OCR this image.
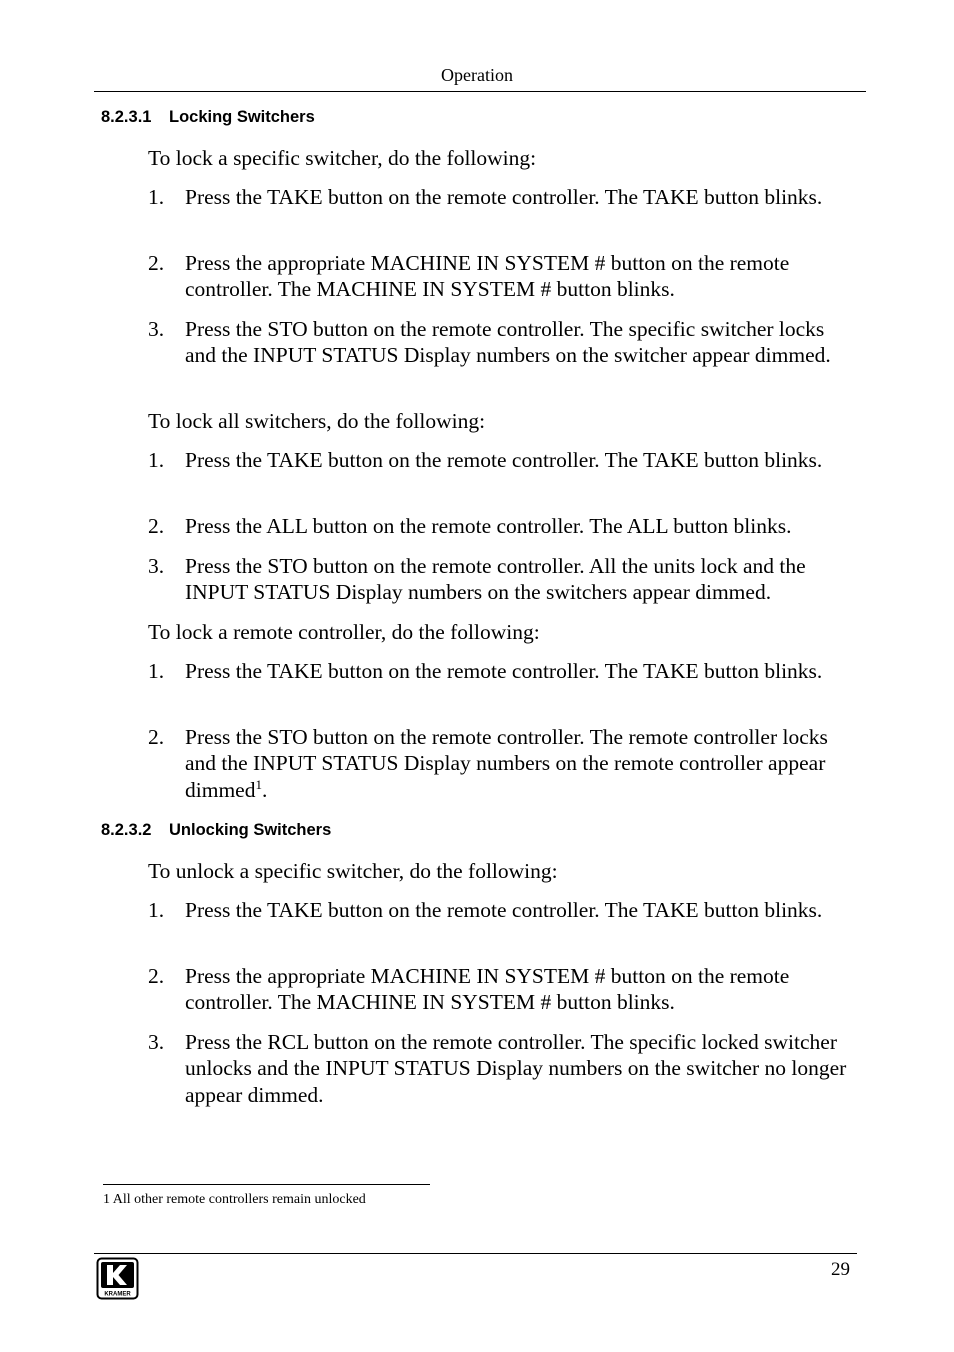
Operation
8.2.3.1 Locking Switchers
To lock a specific switcher, do the following:
1. Press the TAKE button on the remote controller. The TAKE button blinks.
2. Press the appropriate MACHINE IN SYSTEM # button on the remote controller. The MACHINE IN SYSTEM # button blinks.
3. Press the STO button on the remote controller. The specific switcher locks and the INPUT STATUS Display numbers on the switcher appear dimmed.
To lock all switchers, do the following:
1. Press the TAKE button on the remote controller. The TAKE button blinks.
2. Press the ALL button on the remote controller. The ALL button blinks.
3. Press the STO button on the remote controller. All the units lock and the INPUT STATUS Display numbers on the switchers appear dimmed.
To lock a remote controller, do the following:
1. Press the TAKE button on the remote controller. The TAKE button blinks.
2. Press the STO button on the remote controller. The remote controller locks and the INPUT STATUS Display numbers on the remote controller appear dimmed$^1$.
8.2.3.2 Unlocking Switchers
To unlock a specific switcher, do the following:
1. Press the TAKE button on the remote controller. The TAKE button blinks.
2. Press the appropriate MACHINE IN SYSTEM # button on the remote controller. The MACHINE IN SYSTEM # button blinks.
3. Press the RCL button on the remote controller. The specific locked switcher unlocks and the INPUT STATUS Display numbers on the switcher no longer appear dimmed.
1 All other remote controllers remain unlocked
KRAMER
29
